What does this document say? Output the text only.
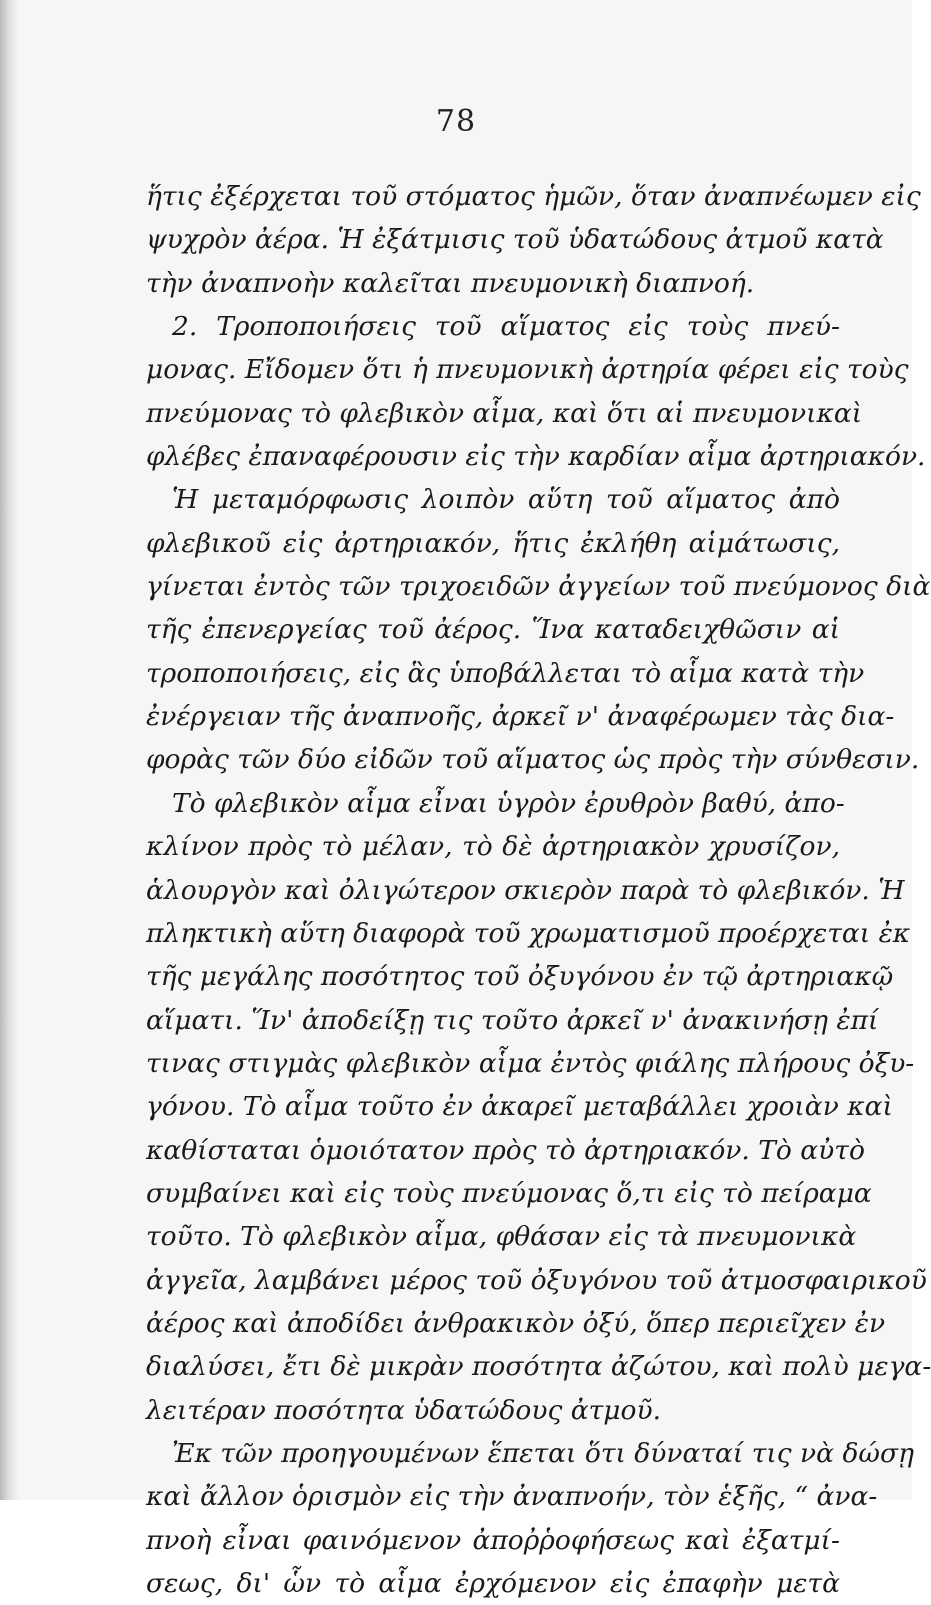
78
ἥτις ἐξέρχεται τοῦ στόματος ἡμῶν, ὅταν ἀναπνέωμεν εἰς
ψυχρὸν ἀέρα. Ἡ ἐξάτμισις τοῦ ὑδατώδους ἀτμοῦ κατὰ
τὴν ἀναπνοὴν καλεῖται πνευμονικὴ διαπνοή.
2. Τροποποιήσεις τοῦ αἵματος εἰς τοὺς πνεύ-
μονας. Εἴδομεν ὅτι ἡ πνευμονικὴ ἀρτηρία φέρει εἰς τοὺς
πνεύμονας τὸ φλεβικὸν αἷμα, καὶ ὅτι αἱ πνευμονικαὶ
φλέβες ἐπαναφέρουσιν εἰς τὴν καρδίαν αἷμα ἀρτηριακόν.
Ἡ μεταμόρφωσις λοιπὸν αὕτη τοῦ αἵματος ἀπὸ
φλεβικοῦ εἰς ἀρτηριακόν, ἥτις ἐκλήθη αἱμάτωσις,
γίνεται ἐντὸς τῶν τριχοειδῶν ἀγγείων τοῦ πνεύμονος διὰ
τῆς ἐπενεργείας τοῦ ἀέρος. Ἵνα καταδειχθῶσιν αἱ
τροποποιήσεις, εἰς ἃς ὑποβάλλεται τὸ αἷμα κατὰ τὴν
ἐνέργειαν τῆς ἀναπνοῆς, ἀρκεῖ ν' ἀναφέρωμεν τὰς δια-
φορὰς τῶν δύο εἰδῶν τοῦ αἵματος ὡς πρὸς τὴν σύνθεσιν.
Τὸ φλεβικὸν αἷμα εἶναι ὑγρὸν ἐρυθρὸν βαθύ, ἀπο-
κλίνον πρὸς τὸ μέλαν, τὸ δὲ ἀρτηριακὸν χρυσίζον,
ἁλουργὸν καὶ ὀλιγώτερον σκιερὸν παρὰ τὸ φλεβικόν. Ἡ
πληκτικὴ αὕτη διαφορὰ τοῦ χρωματισμοῦ προέρχεται ἐκ
τῆς μεγάλης ποσότητος τοῦ ὀξυγόνου ἐν τῷ ἀρτηριακῷ
αἵματι. Ἵν' ἀποδείξῃ τις τοῦτο ἀρκεῖ ν' ἀνακινήσῃ ἐπί
τινας στιγμὰς φλεβικὸν αἷμα ἐντὸς φιάλης πλήρους ὀξυ-
γόνου. Τὸ αἷμα τοῦτο ἐν ἀκαρεῖ μεταβάλλει χροιὰν καὶ
καθίσταται ὁμοιότατον πρὸς τὸ ἀρτηριακόν. Τὸ αὐτὸ
συμβαίνει καὶ εἰς τοὺς πνεύμονας ὅ,τι εἰς τὸ πείραμα
τοῦτο. Τὸ φλεβικὸν αἷμα, φθάσαν εἰς τὰ πνευμονικὰ
ἀγγεῖα, λαμβάνει μέρος τοῦ ὀξυγόνου τοῦ ἀτμοσφαιρικοῦ
ἀέρος καὶ ἀποδίδει ἀνθρακικὸν ὀξύ, ὅπερ περιεῖχεν ἐν
διαλύσει, ἔτι δὲ μικρὰν ποσότητα ἀζώτου, καὶ πολὺ μεγα-
λειτέραν ποσότητα ὑδατώδους ἀτμοῦ.
Ἐκ τῶν προηγουμένων ἕπεται ὅτι δύναταί τις νὰ δώσῃ
καὶ ἄλλον ὁρισμὸν εἰς τὴν ἀναπνοήν, τὸν ἑξῆς, “ ἀνα-
πνοὴ εἶναι φαινόμενον ἀποῤῥοφήσεως καὶ ἐξατμί-
σεως, δι' ὧν τὸ αἷμα ἐρχόμενον εἰς ἐπαφὴν μετὰ
